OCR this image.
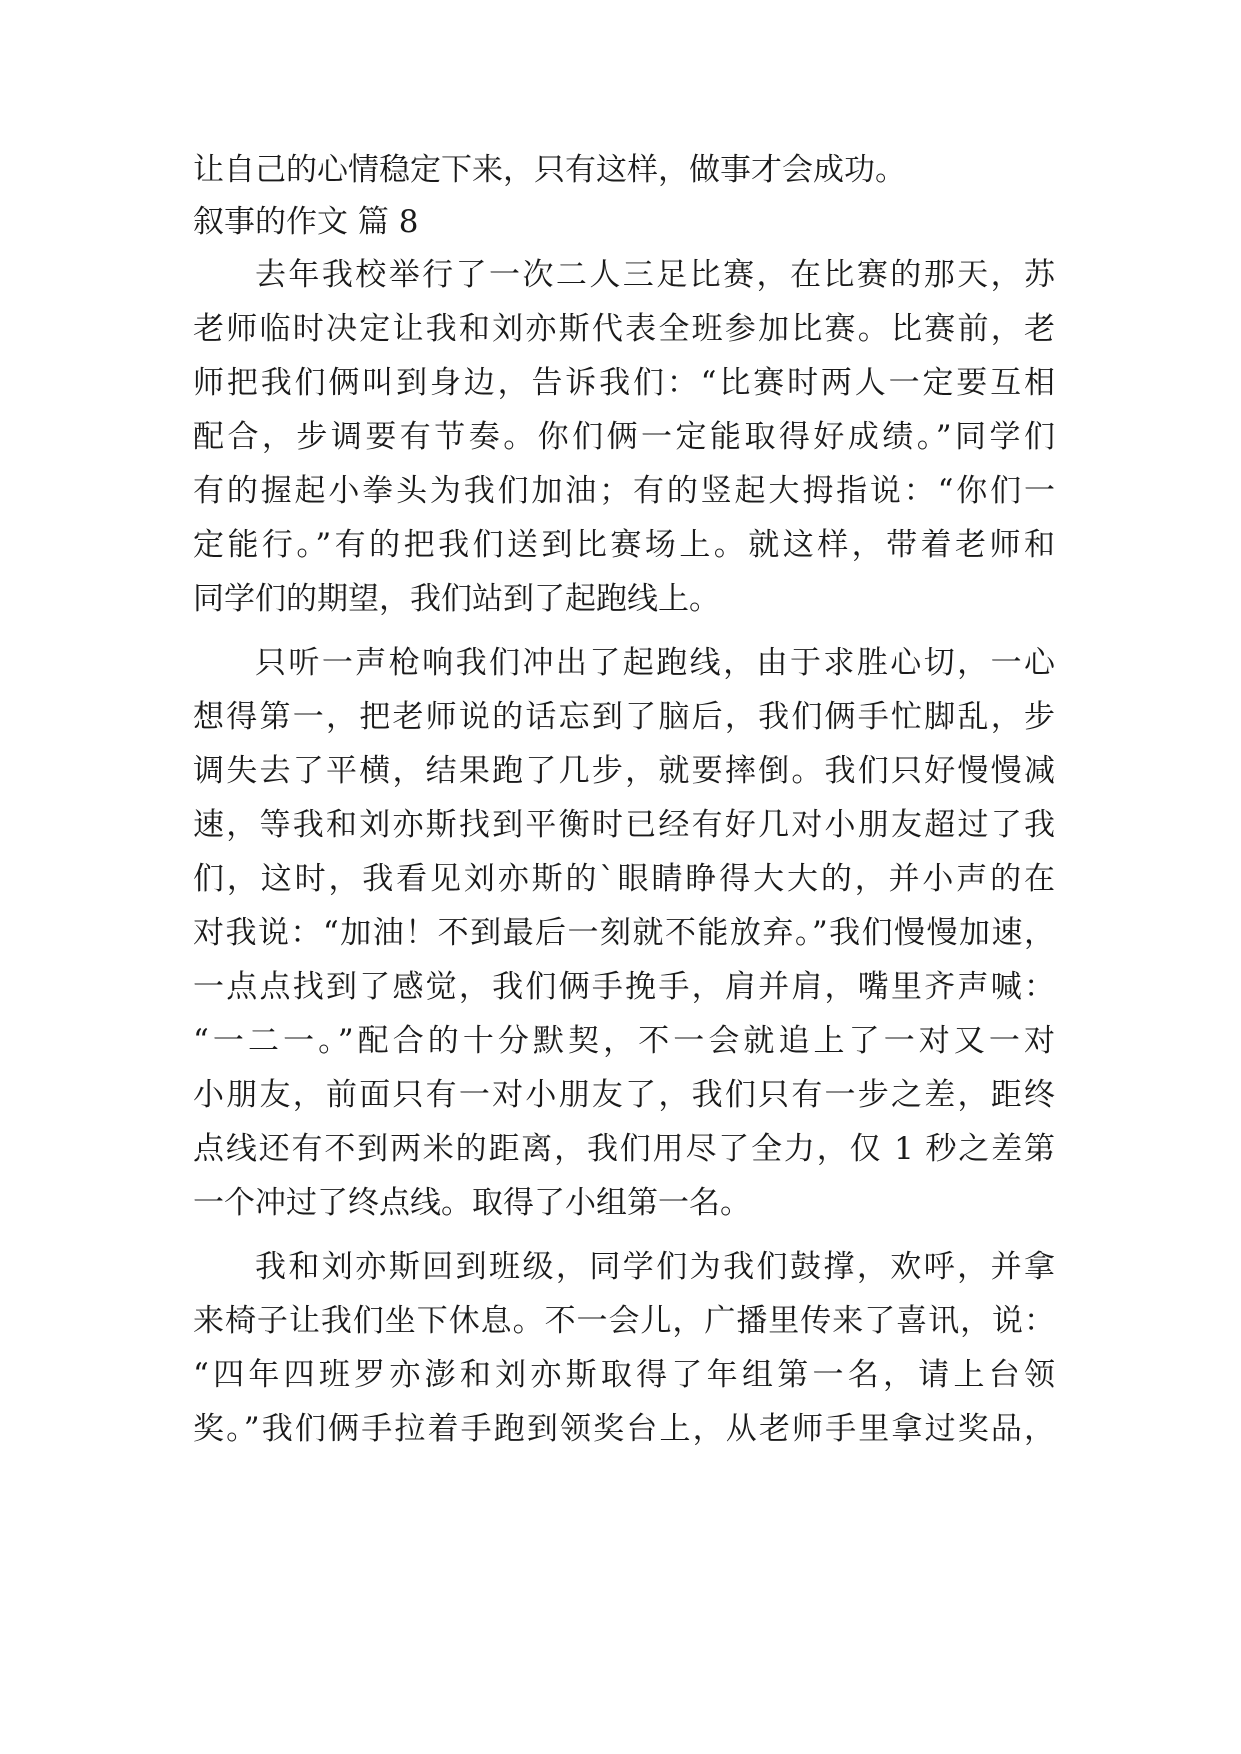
让自己的心情稳定下来，只有这样，做事才会成功。
叙事的作文 篇 8
去年我校举行了一次二人三足比赛，在比赛的那天，苏
老师临时决定让我和刘亦斯代表全班参加比赛。比赛前，老
师把我们俩叫到身边，告诉我们：“比赛时两人一定要互相
配合，步调要有节奏。你们俩一定能取得好成绩。”同学们
有的握起小拳头为我们加油；有的竖起大拇指说：“你们一
定能行。”有的把我们送到比赛场上。就这样，带着老师和
同学们的期望，我们站到了起跑线上。
只听一声枪响我们冲出了起跑线，由于求胜心切，一心
想得第一，把老师说的话忘到了脑后，我们俩手忙脚乱，步
调失去了平横，结果跑了几步，就要摔倒。我们只好慢慢减
速，等我和刘亦斯找到平衡时已经有好几对小朋友超过了我
们，这时，我看见刘亦斯的`眼睛睁得大大的，并小声的在
对我说：“加油！不到最后一刻就不能放弃。”我们慢慢加速，
一点点找到了感觉，我们俩手挽手，肩并肩，嘴里齐声喊：
“一二一。”配合的十分默契，不一会就追上了一对又一对
小朋友，前面只有一对小朋友了，我们只有一步之差，距终
点线还有不到两米的距离，我们用尽了全力，仅 1 秒之差第
一个冲过了终点线。取得了小组第一名。
我和刘亦斯回到班级，同学们为我们鼓撑，欢呼，并拿
来椅子让我们坐下休息。不一会儿，广播里传来了喜讯，说：
“四年四班罗亦澎和刘亦斯取得了年组第一名，请上台领
奖。”我们俩手拉着手跑到领奖台上，从老师手里拿过奖品，
